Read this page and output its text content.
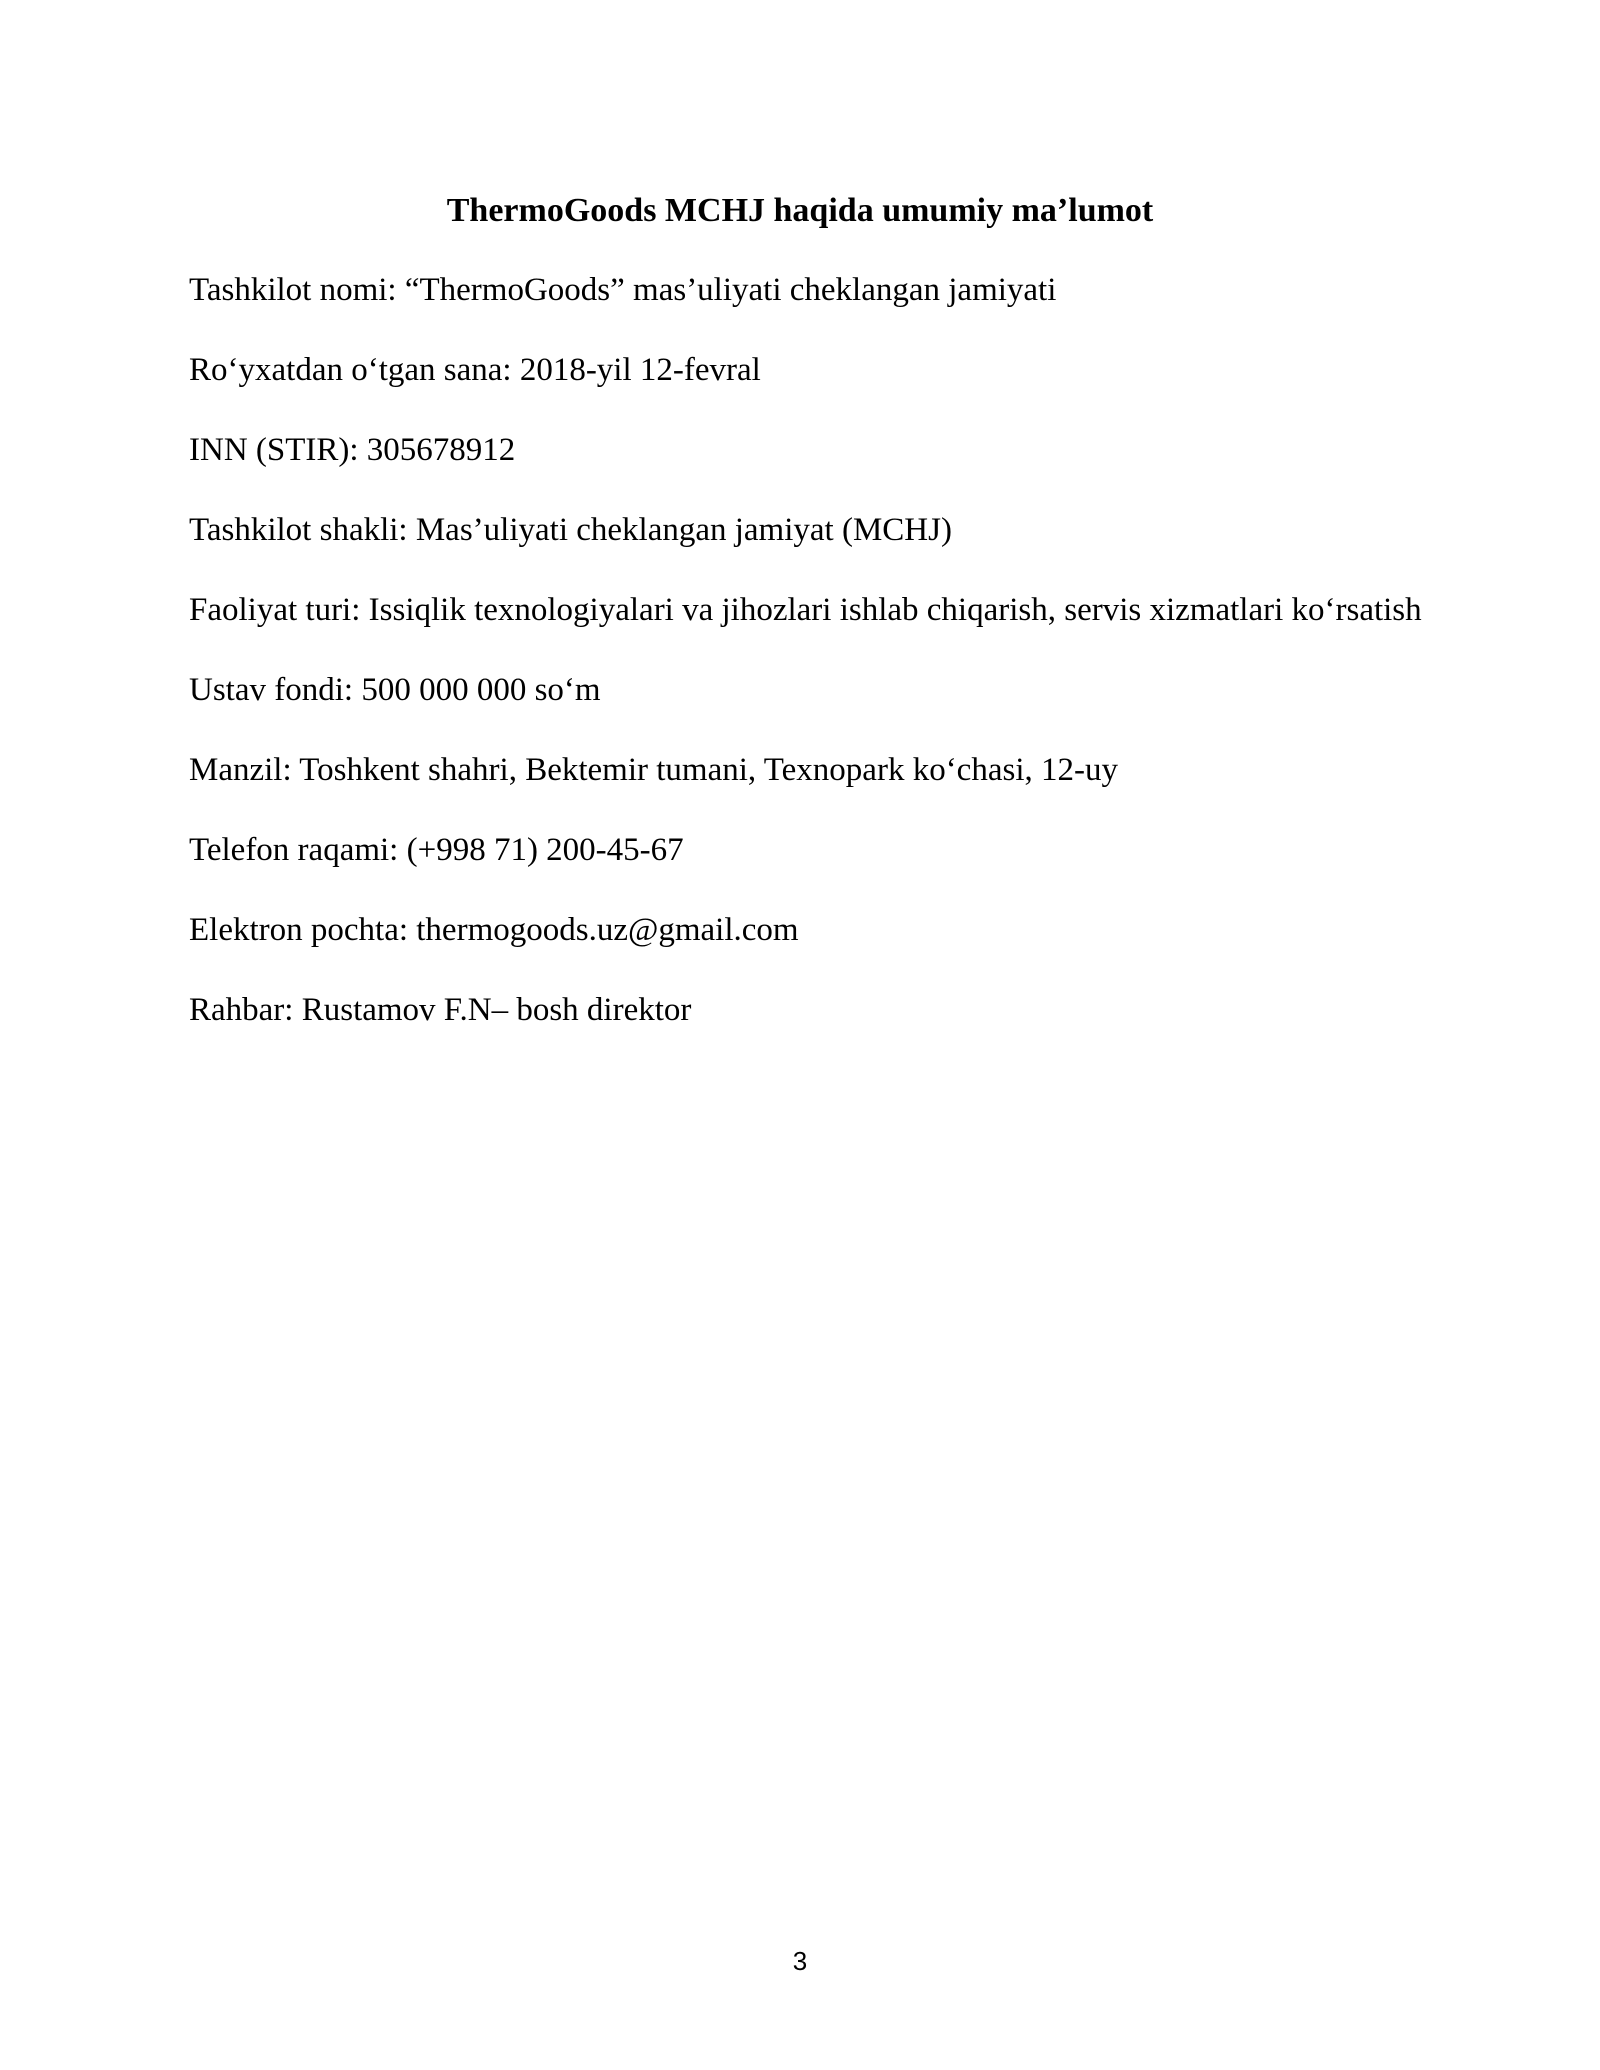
ThermoGoods MCHJ haqida umumiy ma’lumot

Tashkilot nomi: “ThermoGoods” mas’uliyati cheklangan jamiyati

Ro‘yxatdan o‘tgan sana: 2018-yil 12-fevral

INN (STIR): 305678912

Tashkilot shakli: Mas’uliyati cheklangan jamiyat (MCHJ)

Faoliyat turi: Issiqlik texnologiyalari va jihozlari ishlab chiqarish, servis xizmatlari ko‘rsatish

Ustav fondi: 500 000 000 so‘m

Manzil: Toshkent shahri, Bektemir tumani, Texnopark ko‘chasi, 12-uy

Telefon raqami: (+998 71) 200-45-67

Elektron pochta: thermogoods.uz@gmail.com

Rahbar: Rustamov F.N– bosh direktor

3
